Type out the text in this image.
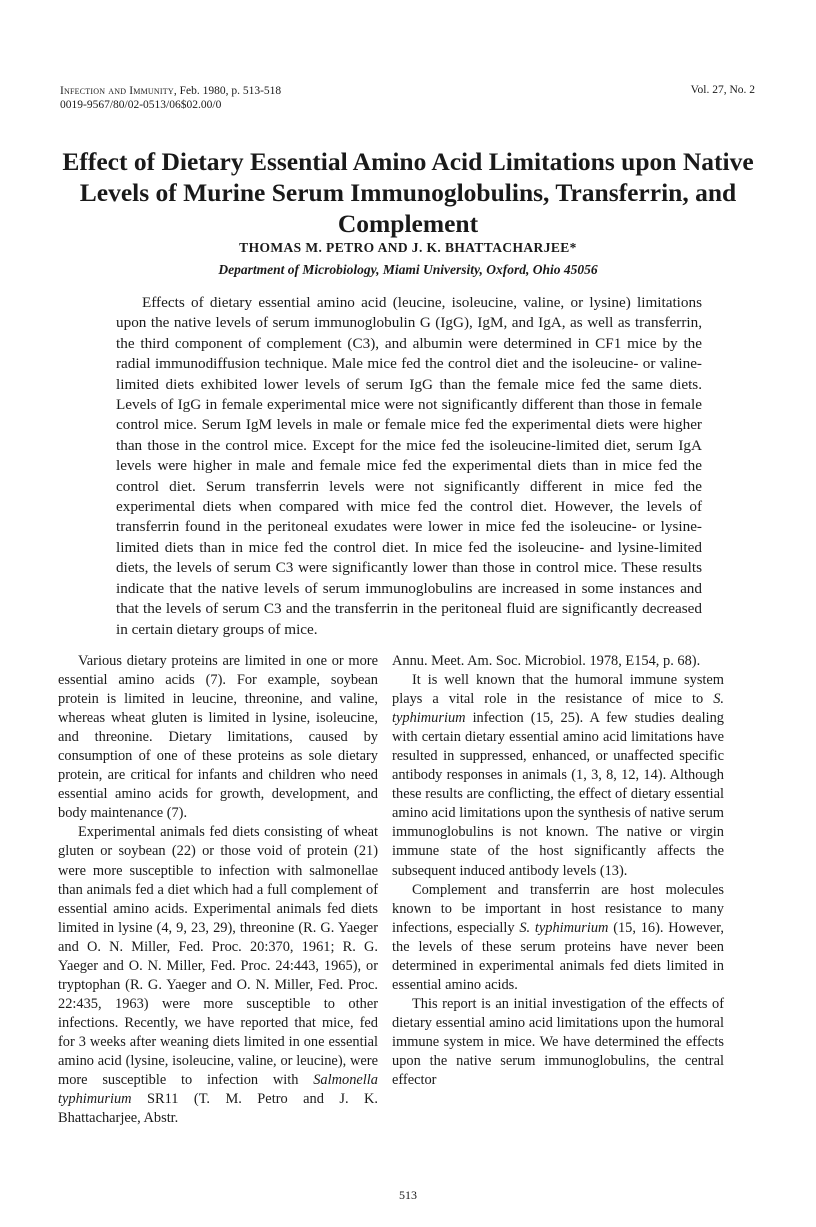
Infection and Immunity, Feb. 1980, p. 513-518
0019-9567/80/02-0513/06$02.00/0
Vol. 27, No. 2
Effect of Dietary Essential Amino Acid Limitations upon Native Levels of Murine Serum Immunoglobulins, Transferrin, and Complement
THOMAS M. PETRO AND J. K. BHATTACHARJEE*
Department of Microbiology, Miami University, Oxford, Ohio 45056

Effects of dietary essential amino acid (leucine, isoleucine, valine, or lysine) limitations upon the native levels of serum immunoglobulin G (IgG), IgM, and IgA, as well as transferrin, the third component of complement (C3), and albumin were determined in CF1 mice by the radial immunodiffusion technique. Male mice fed the control diet and the isoleucine- or valine-limited diets exhibited lower levels of serum IgG than the female mice fed the same diets. Levels of IgG in female experimental mice were not significantly different than those in female control mice. Serum IgM levels in male or female mice fed the experimental diets were higher than those in the control mice. Except for the mice fed the isoleucine-limited diet, serum IgA levels were higher in male and female mice fed the experimental diets than in mice fed the control diet. Serum transferrin levels were not significantly different in mice fed the experimental diets when compared with mice fed the control diet. However, the levels of transferrin found in the peritoneal exudates were lower in mice fed the isoleucine- or lysine-limited diets than in mice fed the control diet. In mice fed the isoleucine- and lysine-limited diets, the levels of serum C3 were significantly lower than those in control mice. These results indicate that the native levels of serum immunoglobulins are increased in some instances and that the levels of serum C3 and the transferrin in the peritoneal fluid are significantly decreased in certain dietary groups of mice.

Various dietary proteins are limited in one or more essential amino acids (7). For example, soybean protein is limited in leucine, threonine, and valine, whereas wheat gluten is limited in lysine, isoleucine, and threonine. Dietary limitations, caused by consumption of one of these proteins as sole dietary protein, are critical for infants and children who need essential amino acids for growth, development, and body maintenance (7).

Experimental animals fed diets consisting of wheat gluten or soybean (22) or those void of protein (21) were more susceptible to infection with salmonellae than animals fed a diet which had a full complement of essential amino acids. Experimental animals fed diets limited in lysine (4, 9, 23, 29), threonine (R. G. Yaeger and O. N. Miller, Fed. Proc. 20:370, 1961; R. G. Yaeger and O. N. Miller, Fed. Proc. 24:443, 1965), or tryptophan (R. G. Yaeger and O. N. Miller, Fed. Proc. 22:435, 1963) were more susceptible to other infections. Recently, we have reported that mice, fed for 3 weeks after weaning diets limited in one essential amino acid (lysine, isoleucine, valine, or leucine), were more susceptible to infection with Salmonella typhimurium SR11 (T. M. Petro and J. K. Bhattacharjee, Abstr.

Annu. Meet. Am. Soc. Microbiol. 1978, E154, p. 68).

It is well known that the humoral immune system plays a vital role in the resistance of mice to S. typhimurium infection (15, 25). A few studies dealing with certain dietary essential amino acid limitations have resulted in suppressed, enhanced, or unaffected specific antibody responses in animals (1, 3, 8, 12, 14). Although these results are conflicting, the effect of dietary essential amino acid limitations upon the synthesis of native serum immunoglobulins is not known. The native or virgin immune state of the host significantly affects the subsequent induced antibody levels (13).

Complement and transferrin are host molecules known to be important in host resistance to many infections, especially S. typhimurium (15, 16). However, the levels of these serum proteins have never been determined in experimental animals fed diets limited in essential amino acids.

This report is an initial investigation of the effects of dietary essential amino acid limitations upon the humoral immune system in mice. We have determined the effects upon the native serum immunoglobulins, the central effector

513
